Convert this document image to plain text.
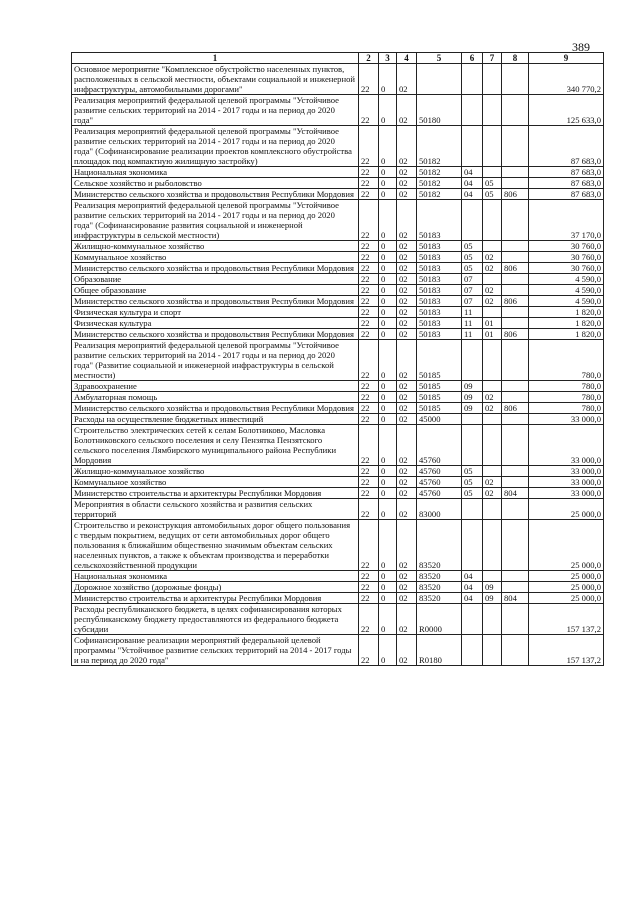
389
1	2	3	4	5	6	7	8	9
Основное мероприятие "Комплексное обустройство населенных пунктов, расположенных в сельской местности, объектами социальной и инженерной инфраструктуры, автомобильными дорогами"	22	0	02					340 770,2
Реализация мероприятий федеральной целевой программы "Устойчивое развитие сельских территорий на 2014 - 2017 годы и на период до 2020 года"	22	0	02	50180				125 633,0
Реализация мероприятий федеральной целевой программы "Устойчивое развитие сельских территорий на 2014 - 2017 годы и на период до 2020 года" (Софинансирование реализации проектов комплексного обустройства площадок под компактную жилищную застройку)	22	0	02	50182				87 683,0
Национальная экономика	22	0	02	50182	04			87 683,0
Сельское хозяйство и рыболовство	22	0	02	50182	04	05		87 683,0
Министерство сельского хозяйства и продовольствия Республики Мордовия	22	0	02	50182	04	05	806	87 683,0
Реализация мероприятий федеральной целевой программы "Устойчивое развитие сельских территорий на 2014 - 2017 годы и на период до 2020 года" (Софинансирование развития социальной и инженерной инфраструктуры в сельской местности)	22	0	02	50183				37 170,0
Жилищно-коммунальное хозяйство	22	0	02	50183	05			30 760,0
Коммунальное хозяйство	22	0	02	50183	05	02		30 760,0
Министерство сельского хозяйства и продовольствия Республики Мордовия	22	0	02	50183	05	02	806	30 760,0
Образование	22	0	02	50183	07			4 590,0
Общее образование	22	0	02	50183	07	02		4 590,0
Министерство сельского хозяйства и продовольствия Республики Мордовия	22	0	02	50183	07	02	806	4 590,0
Физическая культура и спорт	22	0	02	50183	11			1 820,0
Физическая культура	22	0	02	50183	11	01		1 820,0
Министерство сельского хозяйства и продовольствия Республики Мордовия	22	0	02	50183	11	01	806	1 820,0
Реализация мероприятий федеральной целевой программы "Устойчивое развитие сельских территорий на 2014 - 2017 годы и на период до 2020 года" (Развитие социальной и инженерной инфраструктуры в сельской местности)	22	0	02	50185				780,0
Здравоохранение	22	0	02	50185	09			780,0
Амбулаторная помощь	22	0	02	50185	09	02		780,0
Министерство сельского хозяйства и продовольствия Республики Мордовия	22	0	02	50185	09	02	806	780,0
Расходы на осуществление бюджетных инвестиций	22	0	02	45000				33 000,0
Строительство электрических сетей к селам Болотниково, Масловка Болотниковского сельского поселения и селу Пензятка Пензятского сельского поселения Лямбирского муниципального района Республики Мордовия	22	0	02	45760				33 000,0
Жилищно-коммунальное хозяйство	22	0	02	45760	05			33 000,0
Коммунальное хозяйство	22	0	02	45760	05	02		33 000,0
Министерство строительства и архитектуры Республики Мордовия	22	0	02	45760	05	02	804	33 000,0
Мероприятия в области сельского хозяйства и развития сельских территорий	22	0	02	83000				25 000,0
Строительство и реконструкция автомобильных дорог общего пользования с твердым покрытием, ведущих от сети автомобильных дорог общего пользования к ближайшим общественно значимым объектам сельских населенных пунктов, а также к объектам производства и переработки сельскохозяйственной продукции	22	0	02	83520				25 000,0
Национальная экономика	22	0	02	83520	04			25 000,0
Дорожное хозяйство (дорожные фонды)	22	0	02	83520	04	09		25 000,0
Министерство строительства и архитектуры Республики Мордовия	22	0	02	83520	04	09	804	25 000,0
Расходы республиканского бюджета, в целях софинансирования которых республиканскому бюджету предоставляются из федерального бюджета субсидии	22	0	02	R0000				157 137,2
Софинансирование реализации мероприятий федеральной целевой программы "Устойчивое развитие сельских территорий на 2014 - 2017 годы и на период до 2020 года"	22	0	02	R0180				157 137,2
